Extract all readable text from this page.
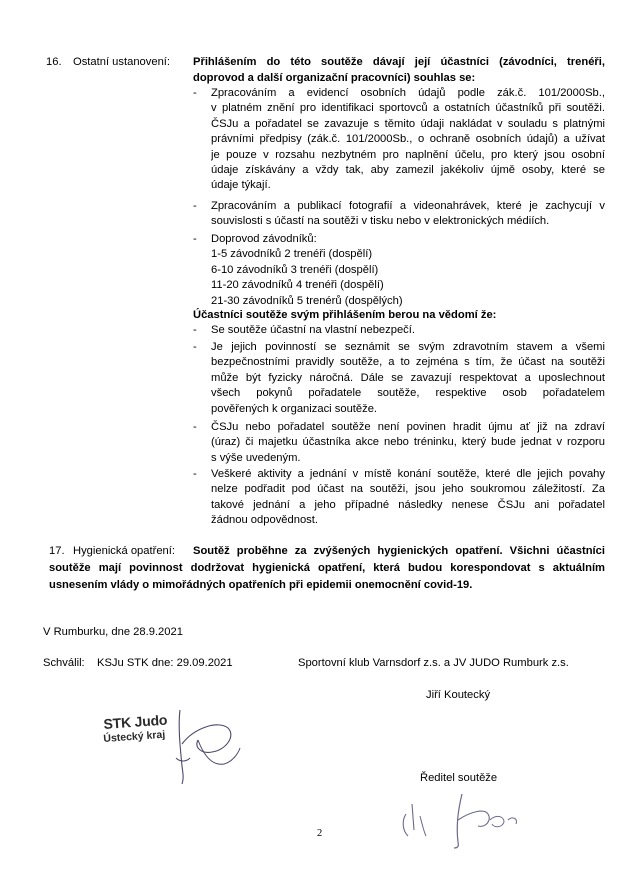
16. Ostatní ustanovení: Přihlášením do této soutěže dávají její účastníci (závodníci, trenéři,
doprovod a další organizační pracovníci) souhlas se:
- Zpracováním a evidencí osobních údajů podle zák.č. 101/2000Sb.,
v platném znění pro identifikaci sportovců a ostatních účastníků při soutěži.
ČSJu a pořadatel se zavazuje s těmito údaji nakládat v souladu s platnými
právními předpisy (zák.č. 101/2000Sb., o ochraně osobních údajů) a užívat
je pouze v rozsahu nezbytném pro naplnění účelu, pro který jsou osobní
údaje získávány a vždy tak, aby zamezil jakékoliv újmě osoby, které se
údaje týkají.
- Zpracováním a publikací fotografií a videonahrávek, které je zachycují v
souvislosti s účastí na soutěži v tisku nebo v elektronických médiích.
- Doprovod závodníků:
1-5 závodníků 2 trenéři (dospělí)
6-10 závodníků 3 trenéři (dospělí)
11-20 závodníků 4 trenéři (dospělí)
21-30 závodníků 5 trenérů (dospělých)
Účastníci soutěže svým přihlášením berou na vědomí že:
- Se soutěže účastní na vlastní nebezpečí.
- Je jejich povinností se seznámit se svým zdravotním stavem a všemi
bezpečnostními pravidly soutěže, a to zejména s tím, že účast na soutěži
může být fyzicky náročná. Dále se zavazují respektovat a uposlechnout
všech pokynů pořadatele soutěže, respektive osob pořadatelem
pověřených k organizaci soutěže.
- ČSJu nebo pořadatel soutěže není povinen hradit újmu ať již na zdraví
(úraz) či majetku účastníka akce nebo tréninku, který bude jednat v rozporu
s výše uvedeným.
- Veškeré aktivity a jednání v místě konání soutěže, které dle jejich povahy
nelze podřadit pod účast na soutěži, jsou jeho soukromou záležitostí. Za
takové jednání a jeho případné následky nenese ČSJu ani pořadatel
žádnou odpovědnost.
17. Hygienická opatření: Soutěž proběhne za zvýšených hygienických opatření. Všichni účastníci
soutěže mají povinnost dodržovat hygienická opatření, která budou korespondovat s aktuálním
usnesením vlády o mimořádných opatřeních při epidemii onemocnění covid-19.
V Rumburku, dne 28.9.2021
Schválil: KSJu STK dne: 29.09.2021	Sportovní klub Varnsdorf z.s. a JV JUDO Rumburk z.s.
Jiří Koutecký
Ředitel soutěže
STK Judo
Ústecký kraj
2
